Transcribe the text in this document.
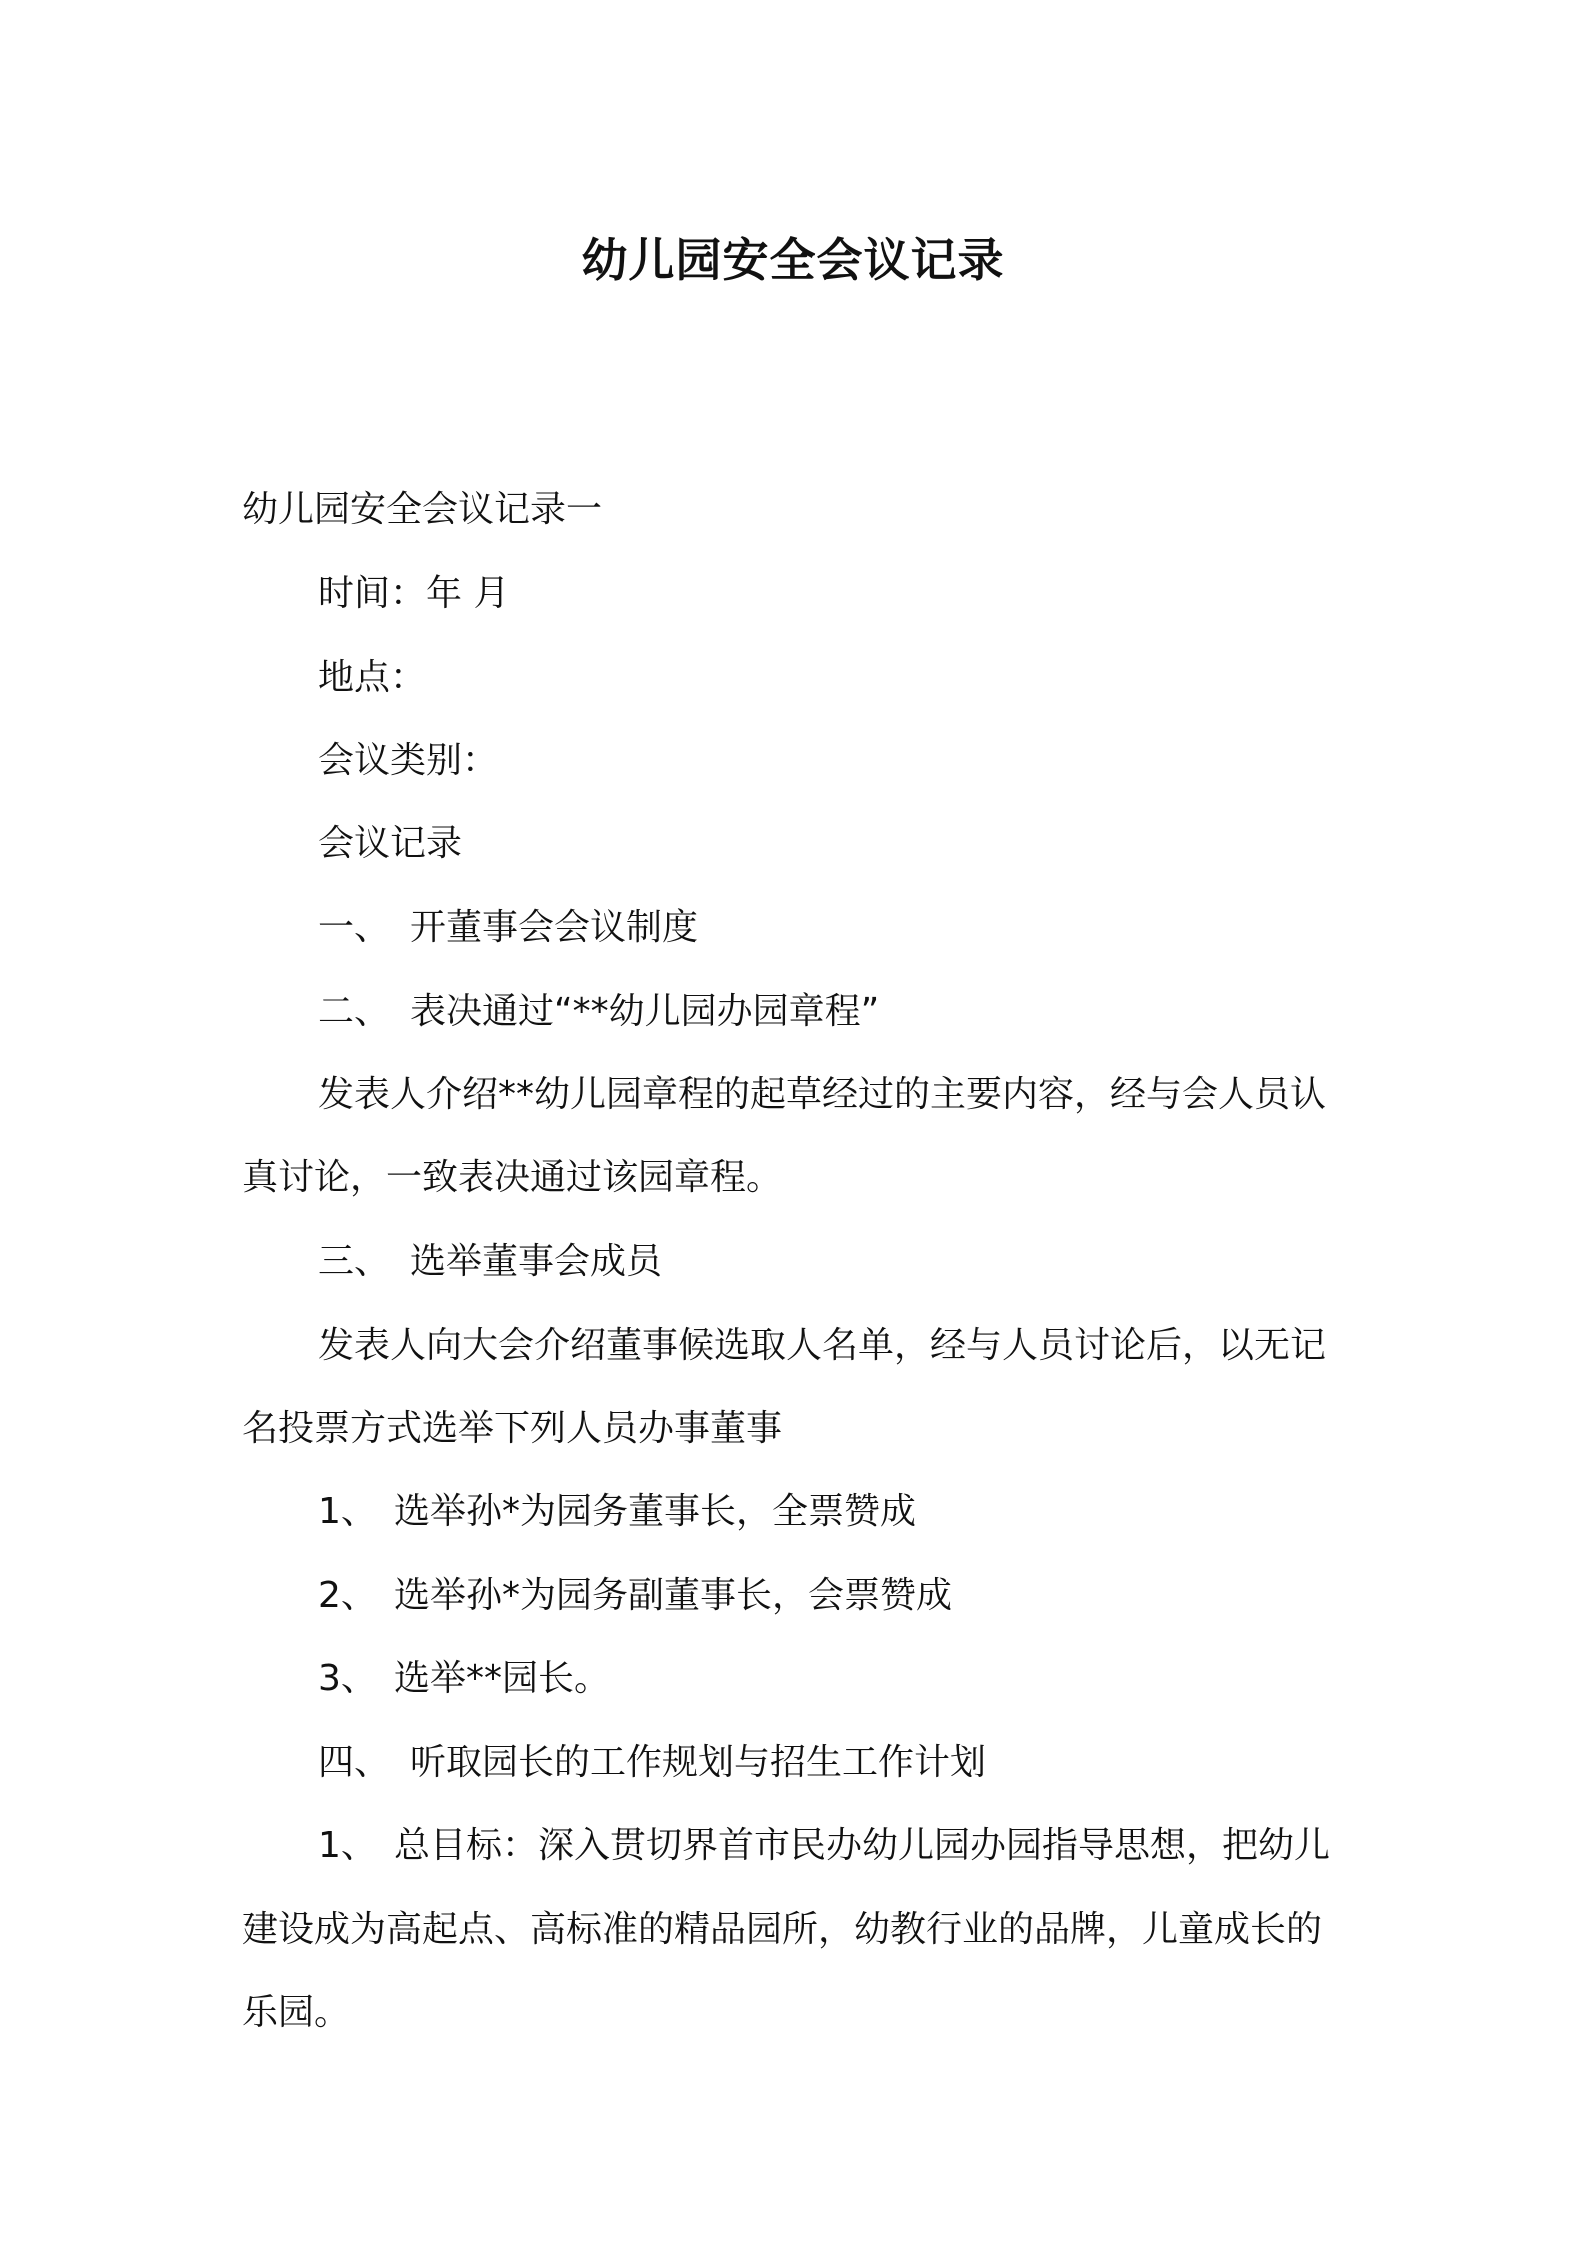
幼儿园安全会议记录
幼儿园安全会议记录一
时间：年 月
地点：
会议类别：
会议记录
一、 开董事会会议制度
二、 表决通过“**幼儿园办园章程”
发表人介绍**幼儿园章程的起草经过的主要内容，经与会人员认
真讨论，一致表决通过该园章程。
三、 选举董事会成员
发表人向大会介绍董事候选取人名单，经与人员讨论后，以无记
名投票方式选举下列人员办事董事
1、 选举孙*为园务董事长，全票赞成
2、 选举孙*为园务副董事长，会票赞成
3、 选举**园长。
四、 听取园长的工作规划与招生工作计划
1、 总目标：深入贯切界首市民办幼儿园办园指导思想，把幼儿
建设成为高起点、高标准的精品园所，幼教行业的品牌，儿童成长的
乐园。
